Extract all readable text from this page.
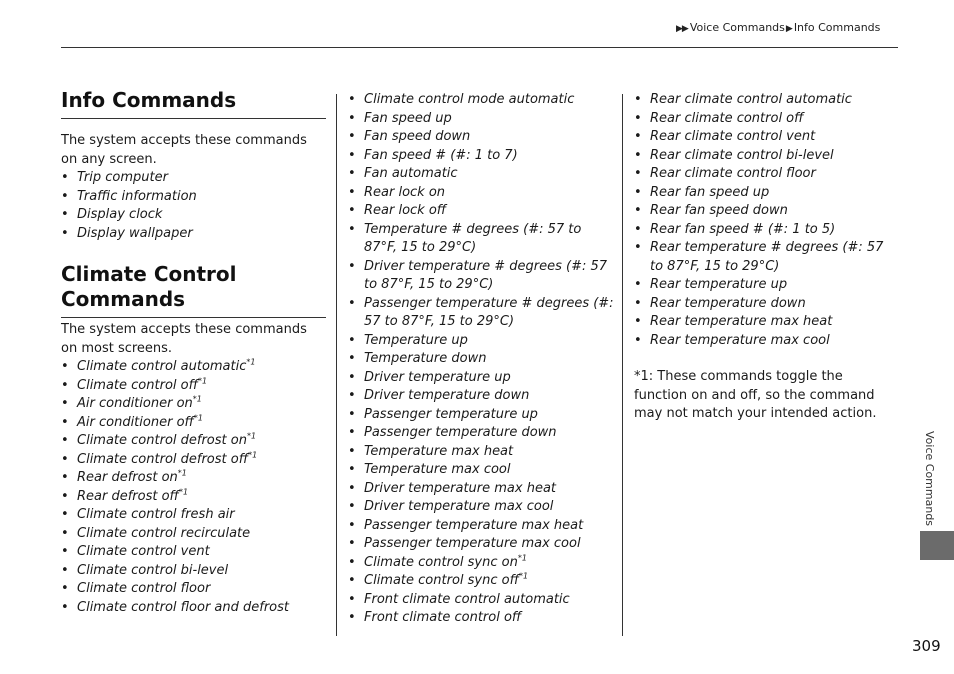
▶▶ Voice Commands▶ Info Commands
Info Commands

The system accepts these commands on any screen.

• Trip computer
• Traffic information
• Display clock
• Display wallpaper
Climate Control
Commands

The system accepts these commands on most screens.

• Climate control automatic$^{*1}$
• Climate control off$^{*1}$
• Air conditioner $on^{*1}$
• Air conditioner off$^{*1}$
• Climate control defrost $on^{*1}$
• Climate control defrost off$^{*1}$
• Rear defrost $on^{*1}$
• Rear defrost off$^{*1}$
• Climate control fresh air
• Climate control recirculate
• Climate control vent
• Climate control bi-level
• Climate control floor
• Climate control floor and defrost
• Climate control mode automatic
• Fan speed up
• Fan speed down
• Fan speed # (#: 1 to 7)
• Fan automatic
• Rear lock on
• Rear lock off
• Temperature # degrees (#: 57 to 87°F, 15 to 29°C)
• Driver temperature # degrees (#: 57 to 87°F, 15 to 29°C)
• Passenger temperature # degrees (#: 57 to 87°F, 15 to 29°C)
• Temperature up
• Temperature down
• Driver temperature up
• Driver temperature down
• Passenger temperature up
• Passenger temperature down
• Temperature max heat
• Temperature max cool
• Driver temperature max heat
• Driver temperature max cool
• Passenger temperature max heat
• Passenger temperature max cool
• Climate control sync $on^{*1}$
• Climate control sync off$^{*1}$
• Front climate control automatic
• Front climate control off
• Rear climate control automatic
• Rear climate control off
• Rear climate control vent
• Rear climate control bi-level
• Rear climate control floor
• Rear fan speed up
• Rear fan speed down
• Rear fan speed # (#: 1 to 5)
• Rear temperature # degrees (#: 57 to 87°F, 15 to 29°C)
• Rear temperature up
• Rear temperature down
• Rear temperature max heat
• Rear temperature max cool
*1: These commands toggle the function on and off, so the command may not match your intended action.
Voice Commands
309
